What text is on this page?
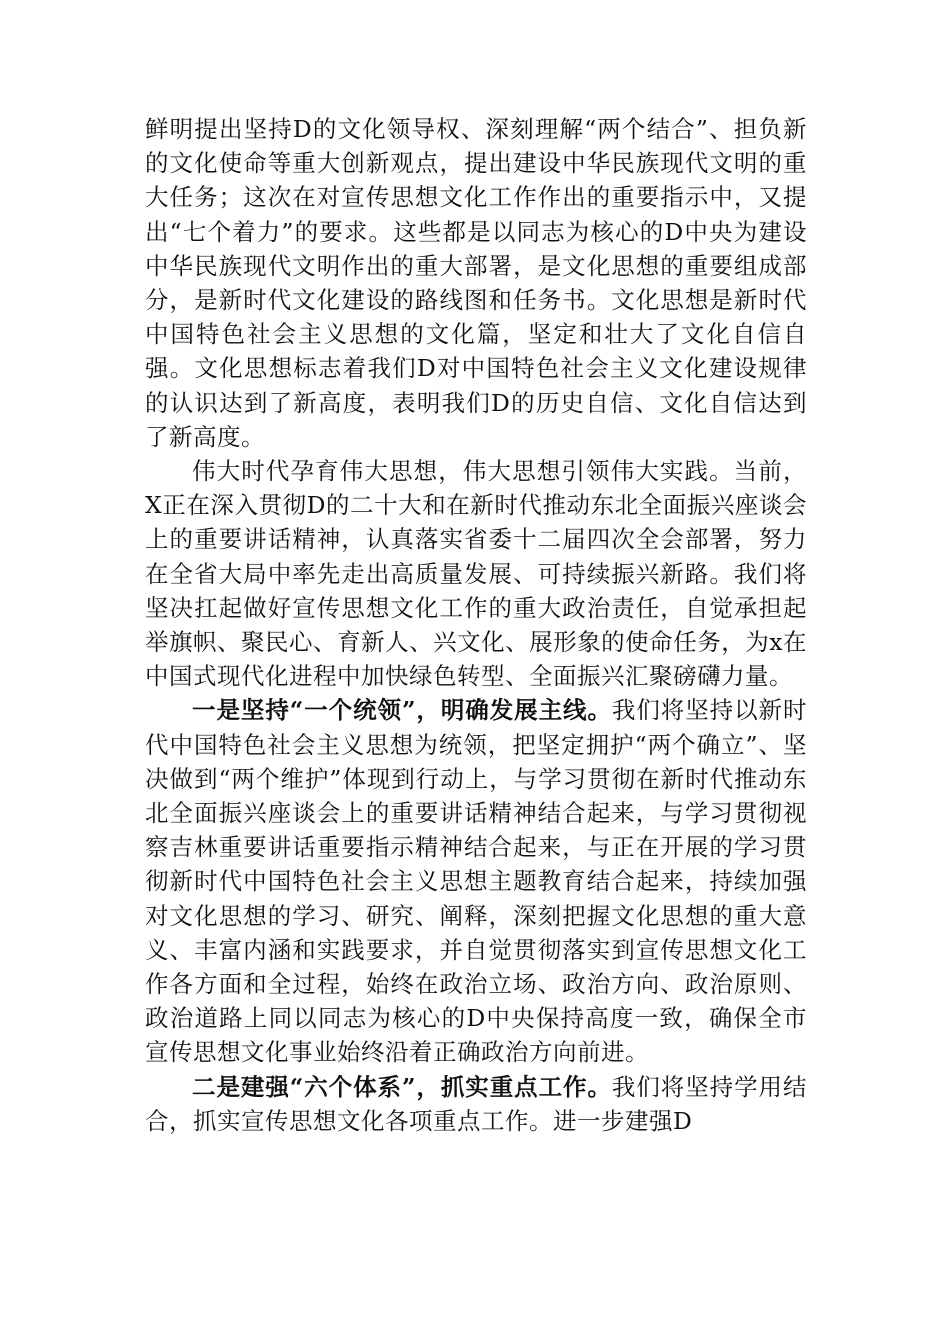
鲜明提出坚持D的文化领导权、深刻理解“两个结合”、担负新的文化使命等重大创新观点，提出建设中华民族现代文明的重大任务；这次在对宣传思想文化工作作出的重要指示中，又提出“七个着力”的要求。这些都是以同志为核心的D中央为建设中华民族现代文明作出的重大部署，是文化思想的重要组成部分，是新时代文化建设的路线图和任务书。文化思想是新时代中国特色社会主义思想的文化篇，坚定和壮大了文化自信自强。文化思想标志着我们D对中国特色社会主义文化建设规律的认识达到了新高度，表明我们D的历史自信、文化自信达到了新高度。

伟大时代孕育伟大思想，伟大思想引领伟大实践。当前，X正在深入贯彻D的二十大和在新时代推动东北全面振兴座谈会上的重要讲话精神，认真落实省委十二届四次全会部署，努力在全省大局中率先走出高质量发展、可持续振兴新路。我们将坚决扛起做好宣传思想文化工作的重大政治责任，自觉承担起举旗帜、聚民心、育新人、兴文化、展形象的使命任务，为x在中国式现代化进程中加快绿色转型、全面振兴汇聚磅礴力量。

一是坚持“一个统领”，明确发展主线。我们将坚持以新时代中国特色社会主义思想为统领，把坚定拥护“两个确立”、坚决做到“两个维护”体现到行动上，与学习贯彻在新时代推动东北全面振兴座谈会上的重要讲话精神结合起来，与学习贯彻视察吉林重要讲话重要指示精神结合起来，与正在开展的学习贯彻新时代中国特色社会主义思想主题教育结合起来，持续加强对文化思想的学习、研究、阐释，深刻把握文化思想的重大意义、丰富内涵和实践要求，并自觉贯彻落实到宣传思想文化工作各方面和全过程，始终在政治立场、政治方向、政治原则、政治道路上同以同志为核心的D中央保持高度一致，确保全市宣传思想文化事业始终沿着正确政治方向前进。

二是建强“六个体系”，抓实重点工作。我们将坚持学用结合，抓实宣传思想文化各项重点工作。进一步建强D
